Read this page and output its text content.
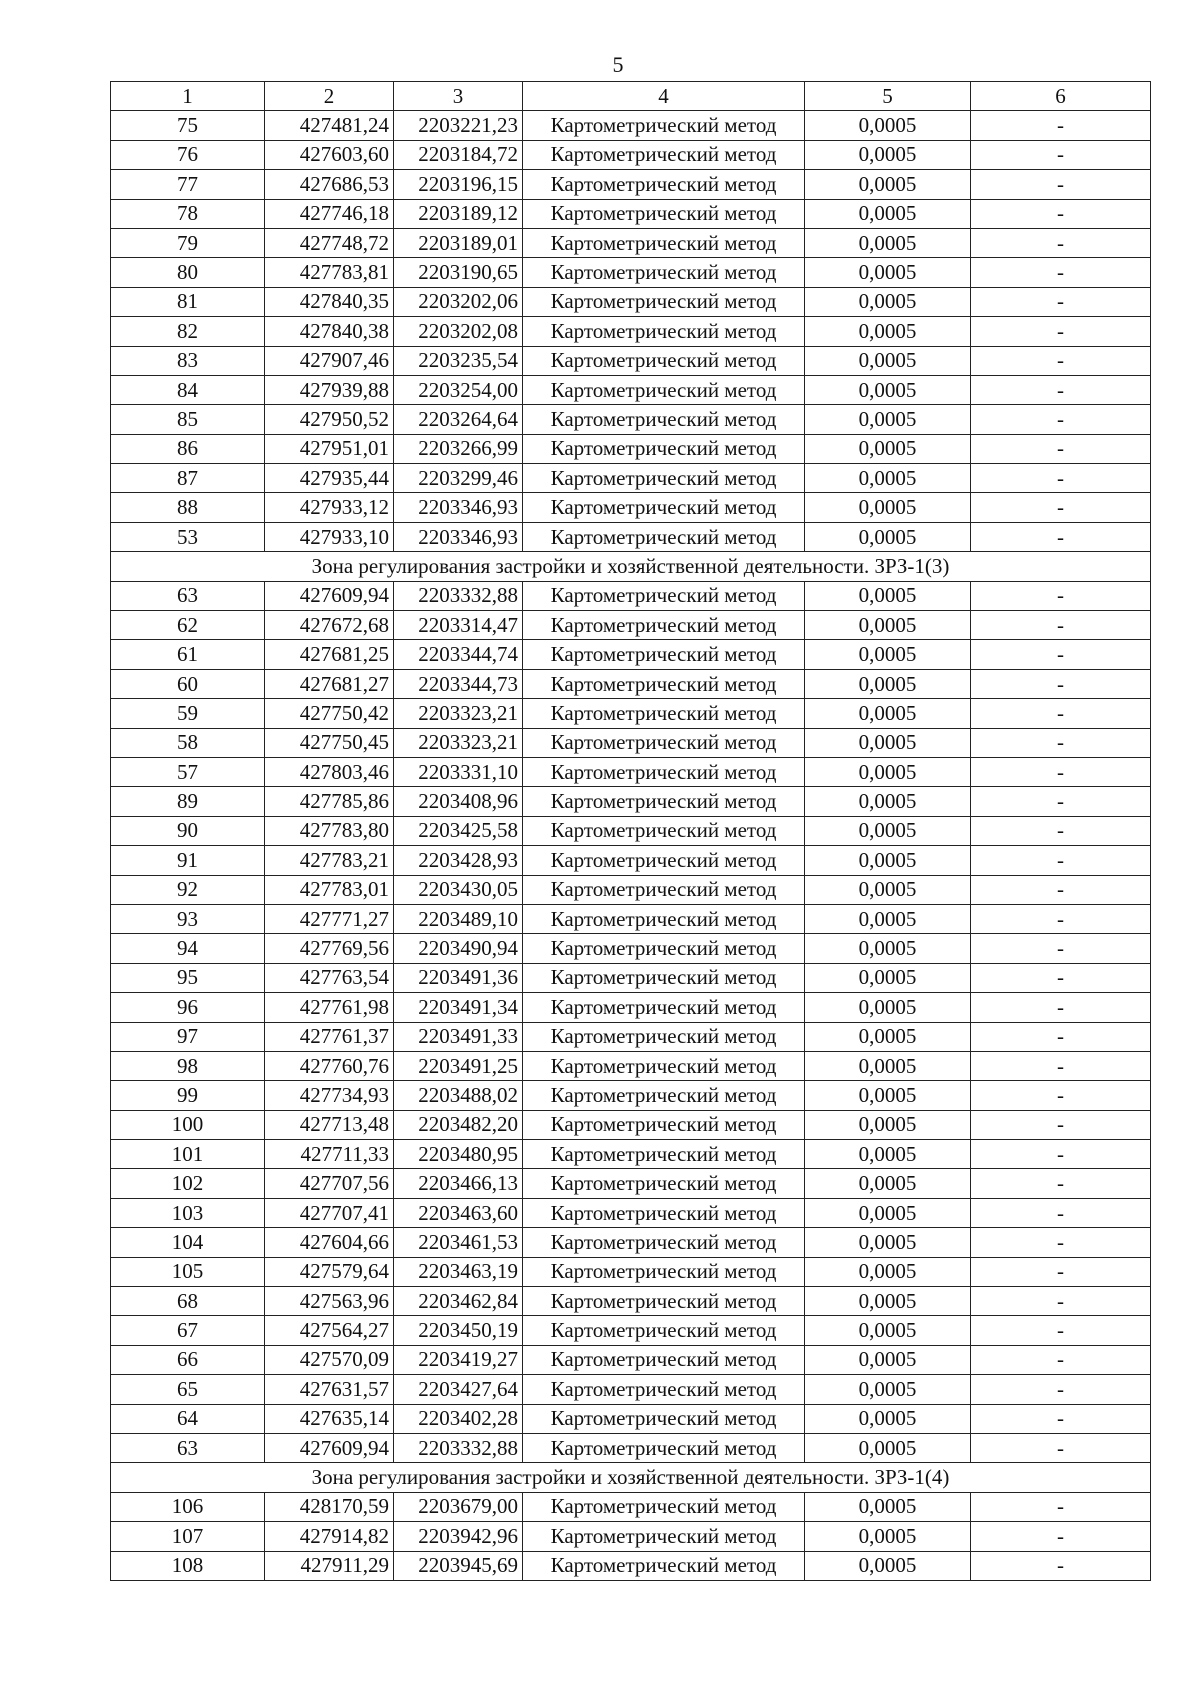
5
1	2	3	4	5	6
75	427481,24	2203221,23	Картометрический метод	0,0005	-
76	427603,60	2203184,72	Картометрический метод	0,0005	-
77	427686,53	2203196,15	Картометрический метод	0,0005	-
78	427746,18	2203189,12	Картометрический метод	0,0005	-
79	427748,72	2203189,01	Картометрический метод	0,0005	-
80	427783,81	2203190,65	Картометрический метод	0,0005	-
81	427840,35	2203202,06	Картометрический метод	0,0005	-
82	427840,38	2203202,08	Картометрический метод	0,0005	-
83	427907,46	2203235,54	Картометрический метод	0,0005	-
84	427939,88	2203254,00	Картометрический метод	0,0005	-
85	427950,52	2203264,64	Картометрический метод	0,0005	-
86	427951,01	2203266,99	Картометрический метод	0,0005	-
87	427935,44	2203299,46	Картометрический метод	0,0005	-
88	427933,12	2203346,93	Картометрический метод	0,0005	-
53	427933,10	2203346,93	Картометрический метод	0,0005	-
Зона регулирования застройки и хозяйственной деятельности. ЗРЗ-1(3)					
63	427609,94	2203332,88	Картометрический метод	0,0005	-
62	427672,68	2203314,47	Картометрический метод	0,0005	-
61	427681,25	2203344,74	Картометрический метод	0,0005	-
60	427681,27	2203344,73	Картометрический метод	0,0005	-
59	427750,42	2203323,21	Картометрический метод	0,0005	-
58	427750,45	2203323,21	Картометрический метод	0,0005	-
57	427803,46	2203331,10	Картометрический метод	0,0005	-
89	427785,86	2203408,96	Картометрический метод	0,0005	-
90	427783,80	2203425,58	Картометрический метод	0,0005	-
91	427783,21	2203428,93	Картометрический метод	0,0005	-
92	427783,01	2203430,05	Картометрический метод	0,0005	-
93	427771,27	2203489,10	Картометрический метод	0,0005	-
94	427769,56	2203490,94	Картометрический метод	0,0005	-
95	427763,54	2203491,36	Картометрический метод	0,0005	-
96	427761,98	2203491,34	Картометрический метод	0,0005	-
97	427761,37	2203491,33	Картометрический метод	0,0005	-
98	427760,76	2203491,25	Картометрический метод	0,0005	-
99	427734,93	2203488,02	Картометрический метод	0,0005	-
100	427713,48	2203482,20	Картометрический метод	0,0005	-
101	427711,33	2203480,95	Картометрический метод	0,0005	-
102	427707,56	2203466,13	Картометрический метод	0,0005	-
103	427707,41	2203463,60	Картометрический метод	0,0005	-
104	427604,66	2203461,53	Картометрический метод	0,0005	-
105	427579,64	2203463,19	Картометрический метод	0,0005	-
68	427563,96	2203462,84	Картометрический метод	0,0005	-
67	427564,27	2203450,19	Картометрический метод	0,0005	-
66	427570,09	2203419,27	Картометрический метод	0,0005	-
65	427631,57	2203427,64	Картометрический метод	0,0005	-
64	427635,14	2203402,28	Картометрический метод	0,0005	-
63	427609,94	2203332,88	Картометрический метод	0,0005	-
Зона регулирования застройки и хозяйственной деятельности. ЗРЗ-1(4)					
106	428170,59	2203679,00	Картометрический метод	0,0005	-
107	427914,82	2203942,96	Картометрический метод	0,0005	-
108	427911,29	2203945,69	Картометрический метод	0,0005	-
